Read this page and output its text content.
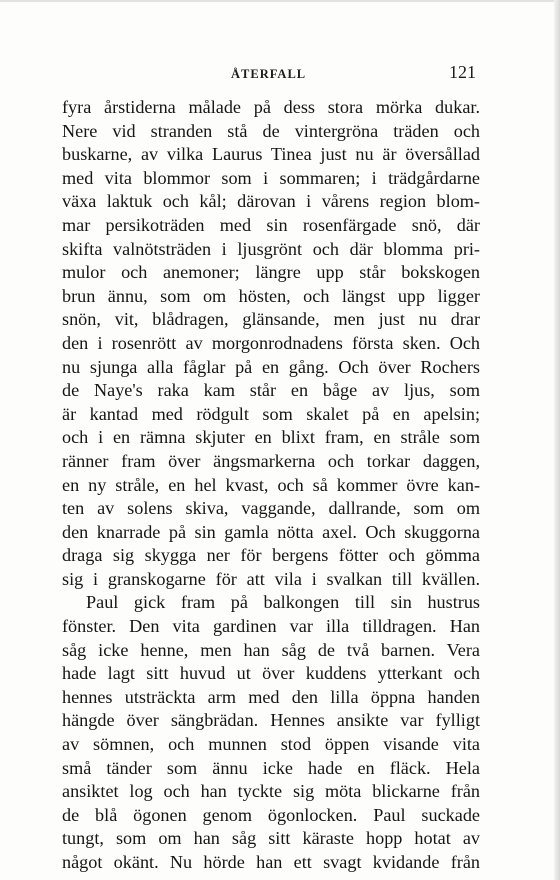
ÅTERFALL	121
fyra årstiderna målade på dess stora mörka dukar.
Nere vid stranden stå de vintergröna träden och
buskarne, av vilka Laurus Tinea just nu är översållad
med vita blommor som i sommaren; i trädgårdarne
växa laktuk och kål; därovan i vårens region blom-
mar persikoträden med sin rosenfärgade snö, där
skifta valnötsträden i ljusgrönt och där blomma pri-
mulor och anemoner; längre upp står bokskogen
brun ännu, som om hösten, och längst upp ligger
snön, vit, blådragen, glänsande, men just nu drar
den i rosenrött av morgonrodnadens första sken. Och
nu sjunga alla fåglar på en gång. Och över Rochers
de Naye's raka kam står en båge av ljus, som
är kantad med rödgult som skalet på en apelsin;
och i en rämna skjuter en blixt fram, en stråle som
ränner fram över ängsmarkerna och torkar daggen,
en ny stråle, en hel kvast, och så kommer övre kan-
ten av solens skiva, vaggande, dallrande, som om
den knarrade på sin gamla nötta axel. Och skuggorna
draga sig skygga ner för bergens fötter och gömma
sig i granskogarne för att vila i svalkan till kvällen.
Paul gick fram på balkongen till sin hustrus
fönster. Den vita gardinen var illa tilldragen. Han
såg icke henne, men han såg de två barnen. Vera
hade lagt sitt huvud ut över kuddens ytterkant och
hennes utsträckta arm med den lilla öppna handen
hängde över sängbrädan. Hennes ansikte var fylligt
av sömnen, och munnen stod öppen visande vita
små tänder som ännu icke hade en fläck. Hela
ansiktet log och han tyckte sig möta blickarne från
de blå ögonen genom ögonlocken. Paul suckade
tungt, som om han såg sitt käraste hopp hotat av
något okänt. Nu hörde han ett svagt kvidande från
